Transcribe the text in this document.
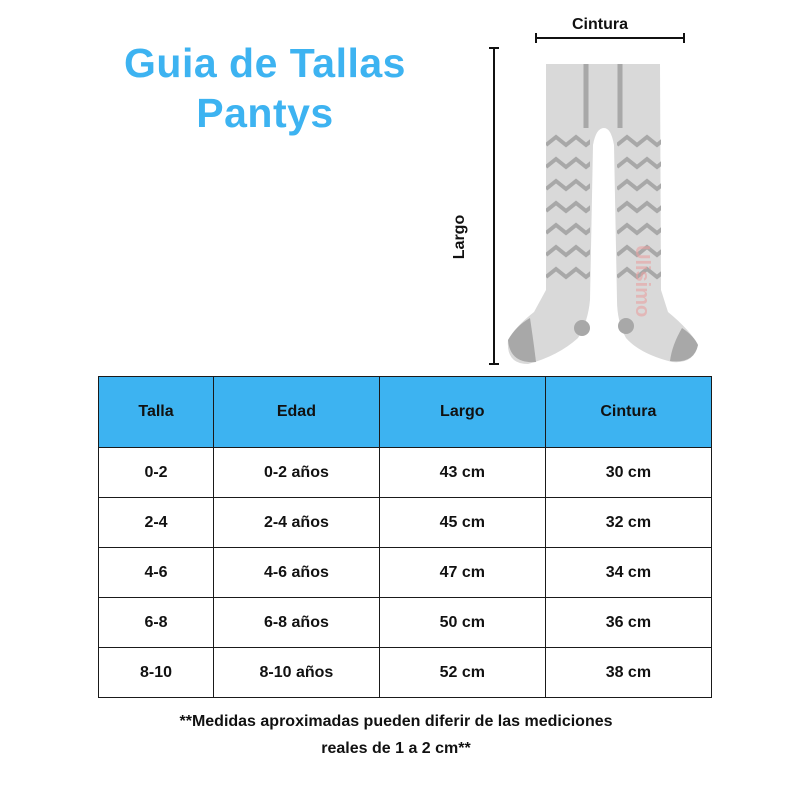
Guia de Tallas
Pantys
Cintura
Largo
Ulisimo
Talla	Edad	Largo	Cintura
0-2	0-2 años	43 cm	30 cm
2-4	2-4 años	45 cm	32 cm
4-6	4-6 años	47 cm	34 cm
6-8	6-8 años	50 cm	36 cm
8-10	8-10 años	52 cm	38 cm
**Medidas aproximadas pueden diferir de las mediciones
reales de 1 a 2 cm**
